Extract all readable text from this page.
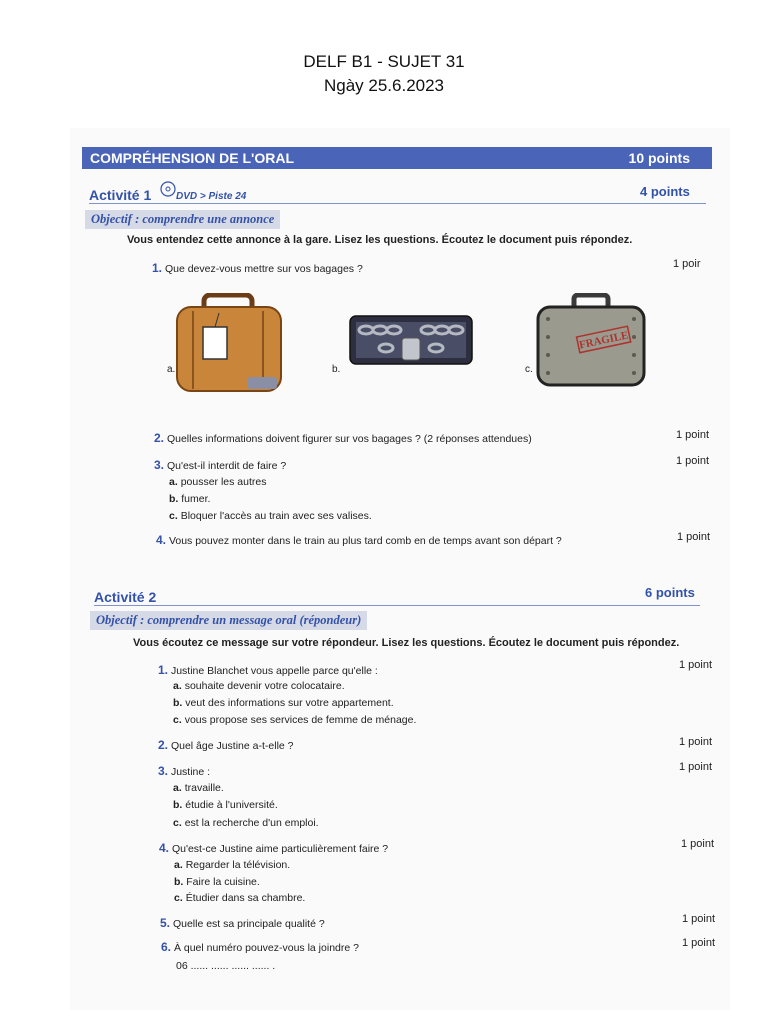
DELF B1 - SUJET 31
Ngày 25.6.2023
COMPRÉHENSION DE L'ORAL	10 points
Activité 1 DVD > Piste 24	4 points
Objectif : comprendre une annonce
Vous entendez cette annonce à la gare. Lisez les questions. Écoutez le document puis répondez.
1. Que devez-vous mettre sur vos bagages ?	1 poir
a.	b.	c.
FRAGILE
2. Quelles informations doivent figurer sur vos bagages ? (2 réponses attendues)	1 point
3. Qu'est-il interdit de faire ?	1 point
a. pousser les autres
b. fumer.
c. Bloquer l'accès au train avec ses valises.
4. Vous pouvez monter dans le train au plus tard comb en de temps avant son départ ?	1 point
Activité 2	6 points
Objectif : comprendre un message oral (répondeur)
Vous écoutez ce message sur votre répondeur. Lisez les questions. Écoutez le document puis répondez.
1. Justine Blanchet vous appelle parce qu'elle :	1 point
a. souhaite devenir votre colocataire.
b. veut des informations sur votre appartement.
c. vous propose ses services de femme de ménage.
2. Quel âge Justine a-t-elle ?	1 point
3. Justine :	1 point
a. travaille.
b. étudie à l'université.
c. est la recherche d'un emploi.
4. Qu'est-ce Justine aime particulièrement faire ?	1 point
a. Regarder la télévision.
b. Faire la cuisine.
c. Étudier dans sa chambre.
5. Quelle est sa principale qualité ?	1 point
6. À quel numéro pouvez-vous la joindre ?	1 point
06 ...... ...... ...... ...... .
